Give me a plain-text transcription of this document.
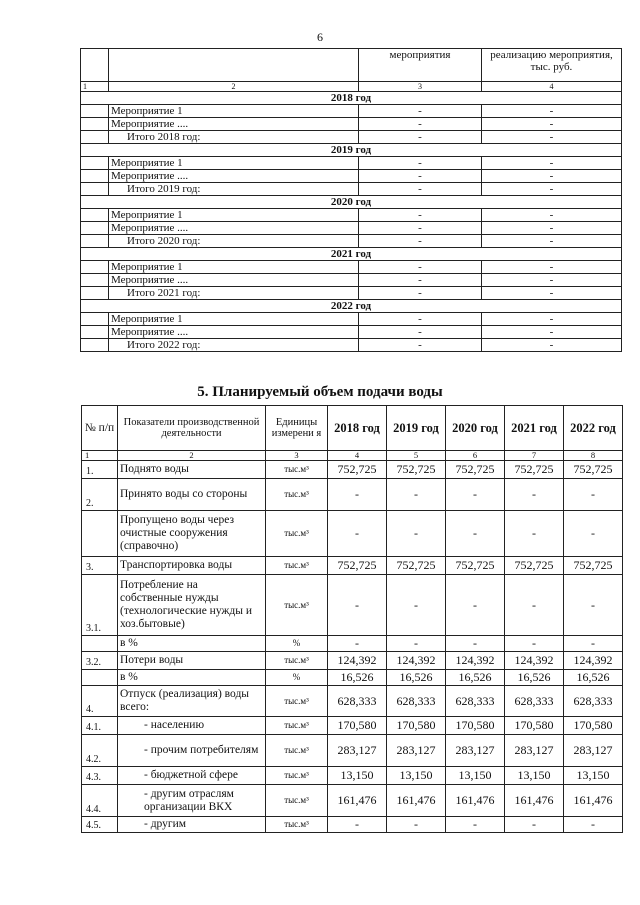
6
		мероприятия	реализацию мероприятия, тыс. руб.
1	2	3	4
2018 год			
	Мероприятие 1	-	-
	Мероприятие ....	-	-
	Итого 2018 год:	-	-
2019 год			
	Мероприятие 1	-	-
	Мероприятие ....	-	-
	Итого 2019 год:	-	-
2020 год			
	Мероприятие 1	-	-
	Мероприятие ....	-	-
	Итого 2020 год:	-	-
2021 год			
	Мероприятие 1	-	-
	Мероприятие ....	-	-
	Итого 2021 год:	-	-
2022 год			
	Мероприятие 1	-	-
	Мероприятие ....	-	-
	Итого 2022 год:	-	-
5. Планируемый объем подачи воды
№ п/п	Показатели производственной деятельности	Единицы измерени я	2018 год	2019 год	2020 год	2021 год	2022 год
1	2	3	4	5	6	7	8
1.	Поднято воды	тыс.м³	752,725	752,725	752,725	752,725	752,725
2.	Принято воды со стороны	тыс.м³	-	-	-	-	-
	Пропущено воды через очистные сооружения (справочно)	тыс.м³	-	-	-	-	-
3.	Транспортировка воды	тыс.м³	752,725	752,725	752,725	752,725	752,725
3.1.	Потребление на собственные нужды (технологические нужды и хоз.бытовые)	тыс.м³	-	-	-	-	-
	в %	%	-	-	-	-	-
3.2.	Потери воды	тыс.м³	124,392	124,392	124,392	124,392	124,392
	в %	%	16,526	16,526	16,526	16,526	16,526
4.	Отпуск (реализация) воды всего:	тыс.м³	628,333	628,333	628,333	628,333	628,333
4.1.	- населению	тыс.м³	170,580	170,580	170,580	170,580	170,580
4.2.	- прочим потребителям	тыс.м³	283,127	283,127	283,127	283,127	283,127
4.3.	- бюджетной сфере	тыс.м³	13,150	13,150	13,150	13,150	13,150
4.4.	- другим отраслям организации ВКХ	тыс.м³	161,476	161,476	161,476	161,476	161,476
4.5.	- другим	тыс.м³	-	-	-	-	-
